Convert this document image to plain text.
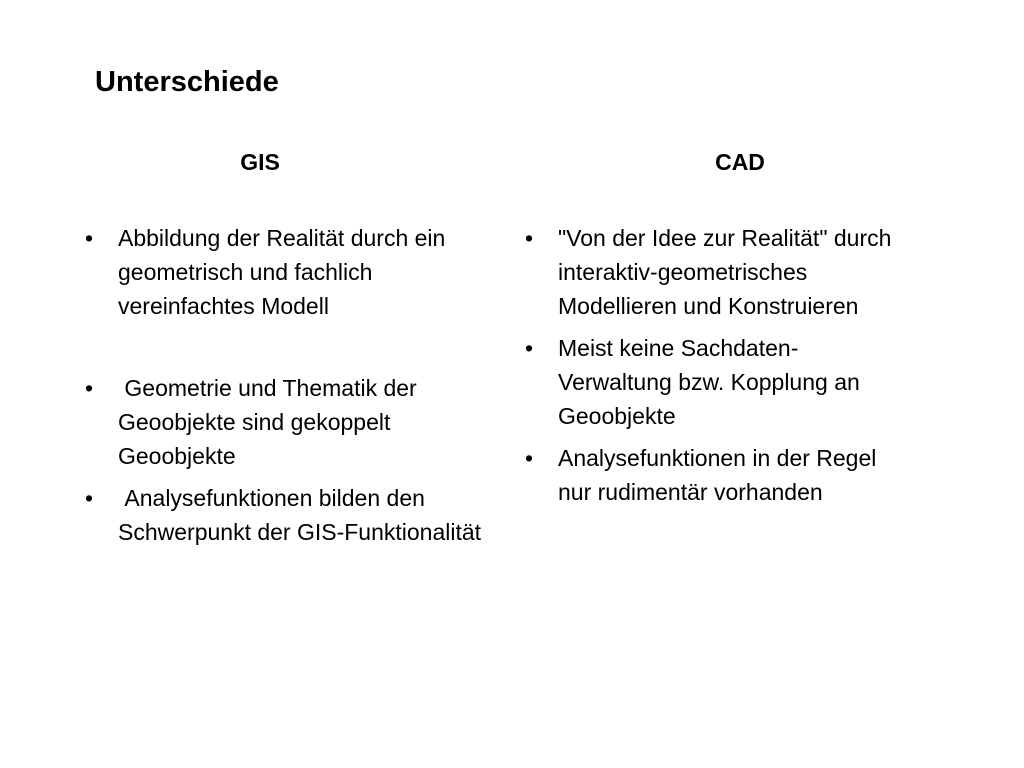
Unterschiede
GIS	CAD
• Abbildung der Realität durch ein geometrisch und fachlich vereinfachtes Modell
• Geometrie und Thematik der Geoobjekte sind gekoppelt Geoobjekte
• Analysefunktionen bilden den Schwerpunkt der GIS-Funktionalität
• "Von der Idee zur Realität" durch interaktiv-geometrisches Modellieren und Konstruieren
• Meist keine Sachdaten-Verwaltung bzw. Kopplung an Geoobjekte
• Analysefunktionen in der Regel nur rudimentär vorhanden
